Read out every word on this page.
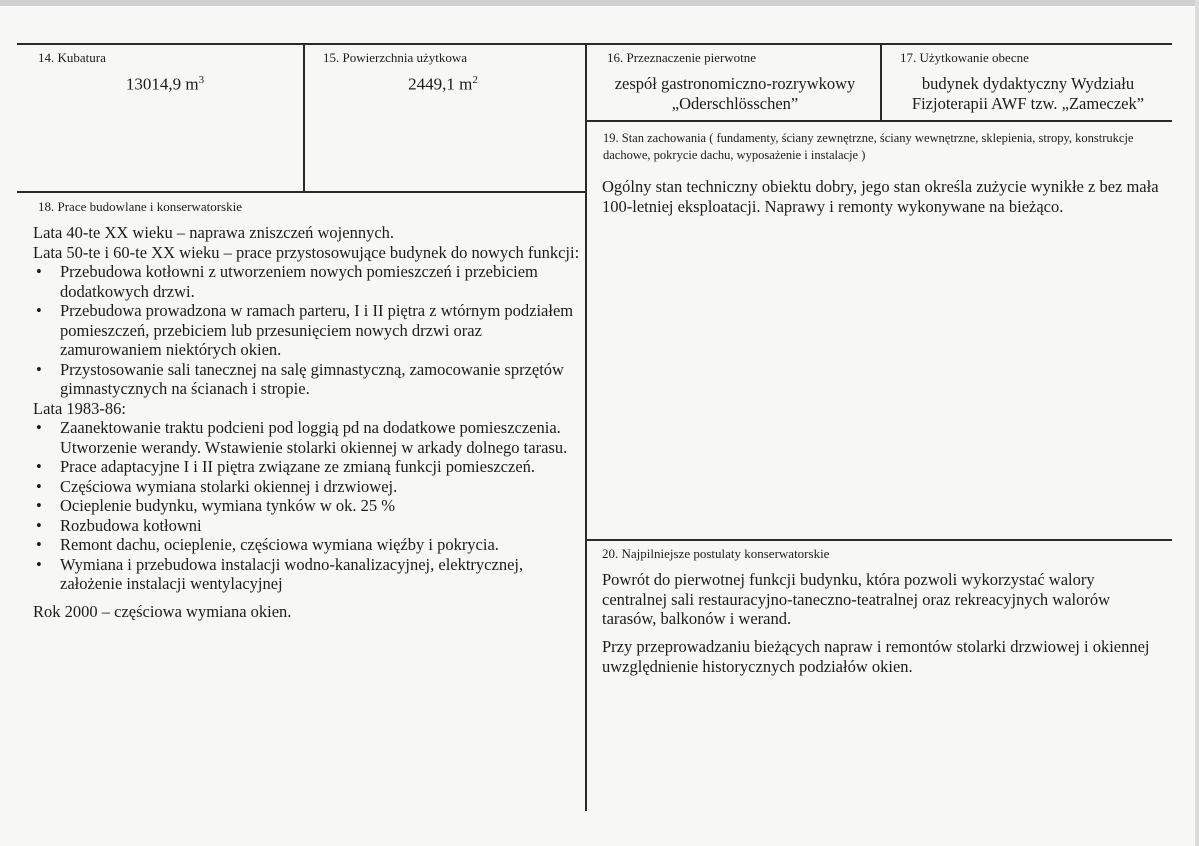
14. Kubatura
13014,9 $m^3$
15. Powierzchnia użytkowa
2449,1 $m^2$
16. Przeznaczenie pierwotne
zespół gastronomiczno-rozrywkowy
„Oderschlösschen”
17. Użytkowanie obecne
budynek dydaktyczny Wydziału
Fizjoterapii AWF tzw. „Zameczek”
18. Prace budowlane i konserwatorskie
Lata 40-te XX wieku – naprawa zniszczeń wojennych.
Lata 50-te i 60-te XX wieku – prace przystosowujące budynek do nowych funkcji:
• Przebudowa kotłowni z utworzeniem nowych pomieszczeń i przebiciem dodatkowych drzwi.
• Przebudowa prowadzona w ramach parteru, I i II piętra z wtórnym podziałem pomieszczeń, przebiciem lub przesunięciem nowych drzwi oraz zamurowaniem niektórych okien.
• Przystosowanie sali tanecznej na salę gimnastyczną, zamocowanie sprzętów gimnastycznych na ścianach i stropie.
Lata 1983-86:
• Zaanektowanie traktu podcieni pod loggią pd na dodatkowe pomieszczenia. Utworzenie werandy. Wstawienie stolarki okiennej w arkady dolnego tarasu.
• Prace adaptacyjne I i II piętra związane ze zmianą funkcji pomieszczeń.
• Częściowa wymiana stolarki okiennej i drzwiowej.
• Ocieplenie budynku, wymiana tynków w ok. 25 %
• Rozbudowa kotłowni
• Remont dachu, ocieplenie, częściowa wymiana więźby i pokrycia.
• Wymiana i przebudowa instalacji wodno-kanalizacyjnej, elektrycznej, założenie instalacji wentylacyjnej
Rok 2000 – częściowa wymiana okien.
19. Stan zachowania ( fundamenty, ściany zewnętrzne, ściany wewnętrzne, sklepienia, stropy, konstrukcje dachowe, pokrycie dachu, wyposażenie i instalacje )
Ogólny stan techniczny obiektu dobry, jego stan określa zużycie wynikłe z bez mała 100-letniej eksploatacji. Naprawy i remonty wykonywane na bieżąco.
20. Najpilniejsze postulaty konserwatorskie
Powrót do pierwotnej funkcji budynku, która pozwoli wykorzystać walory centralnej sali restauracyjno-taneczno-teatralnej oraz rekreacyjnych walorów tarasów, balkonów i werand.
Przy przeprowadzaniu bieżących napraw i remontów stolarki drzwiowej i okiennej uwzględnienie historycznych podziałów okien.
